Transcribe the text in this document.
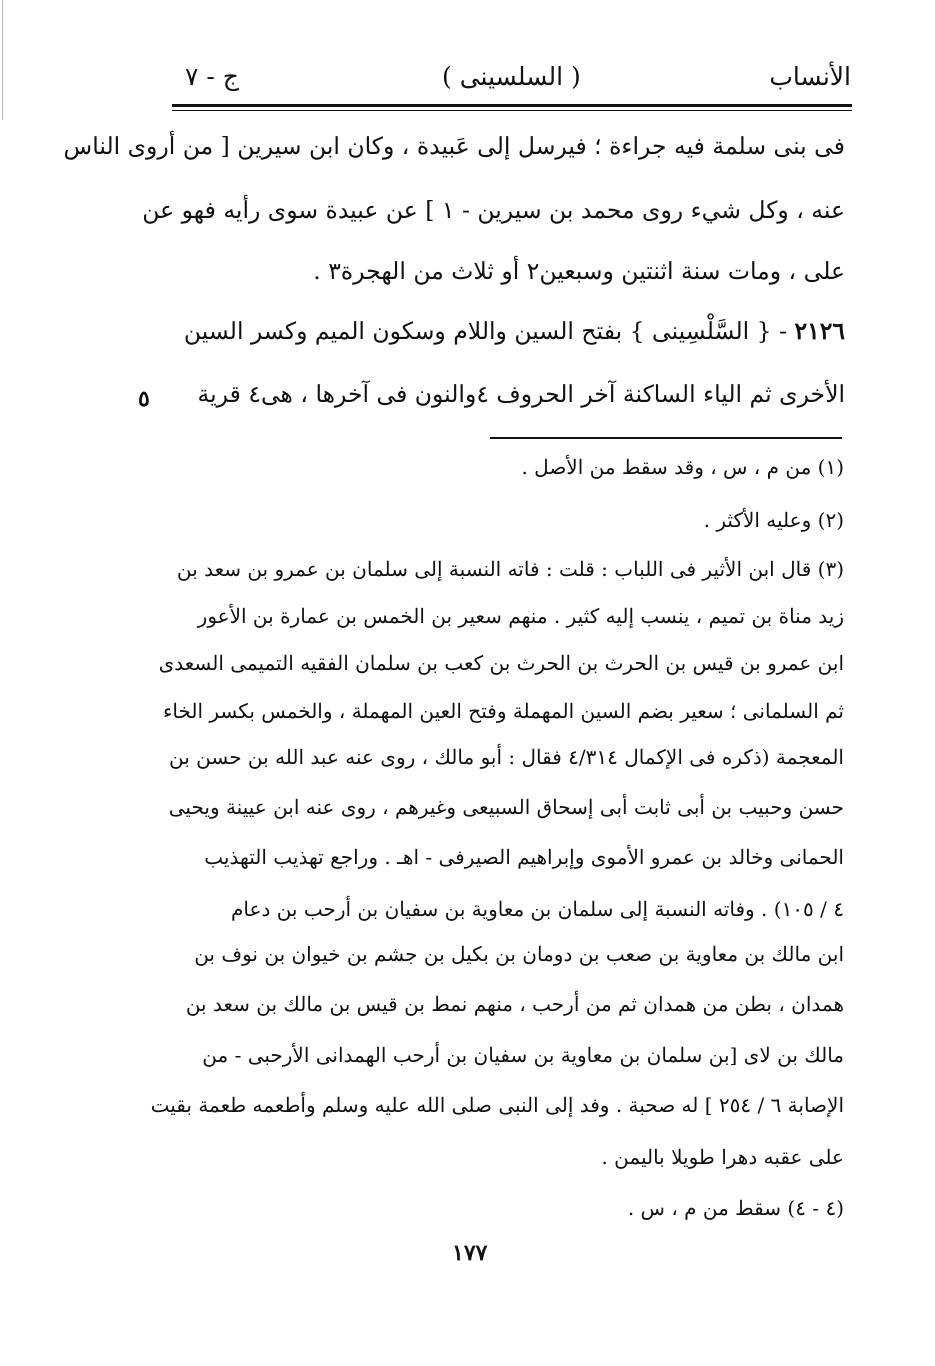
ج - ٧	( السلسينى )	الأنساب
فى بنى سلمة فيه جراءة ؛ فيرسل إلى عَبيدة ، وكان ابن سيرين [ من أروى الناس
عنه ، وكل شيء روى محمد بن سيرين - ١ ] عن عبيدة سوى رأيه فهو عن
على ، ومات سنة اثنتين وسبعين٢ أو ثلاث من الهجرة٣ .
٢١٢٦ - { السَّلْسِينى } بفتح السين واللام وسكون الميم وكسر السين
الأخرى ثم الياء الساكنة آخر الحروف ٤والنون فى آخرها ، هى٤ قرية
٥
(١) من م ، س ، وقد سقط من الأصل .
(٢) وعليه الأكثر .
(٣) قال ابن الأثير فى اللباب : قلت : فاته النسبة إلى سلمان بن عمرو بن سعد بن
زيد مناة بن تميم ، ينسب إليه كثير . منهم سعير بن الخمس بن عمارة بن الأعور
ابن عمرو بن قيس بن الحرث بن الحرث بن كعب بن سلمان الفقيه التميمى السعدى
ثم السلمانى ؛ سعير بضم السين المهملة وفتح العين المهملة ، والخمس بكسر الخاء
المعجمة (ذكره فى الإكمال ٤/٣١٤ فقال : أبو مالك ، روى عنه عبد الله بن حسن بن
حسن وحبيب بن أبى ثابت أبى إسحاق السبيعى وغيرهم ، روى عنه ابن عيينة ويحيى
الحمانى وخالد بن عمرو الأموى وإبراهيم الصيرفى - اهـ . وراجع تهذيب التهذيب
٤ / ١٠٥) . وفاته النسبة إلى سلمان بن معاوية بن سفيان بن أرحب بن دعام
ابن مالك بن معاوية بن صعب بن دومان بن بكيل بن جشم بن خيوان بن نوف بن
همدان ، بطن من همدان ثم من أرحب ، منهم نمط بن قيس بن مالك بن سعد بن
مالك بن لاى [بن سلمان بن معاوية بن سفيان بن أرحب الهمدانى الأرحبى - من
الإصابة ٦ / ٢٥٤ ] له صحبة . وفد إلى النبى صلى الله عليه وسلم وأطعمه طعمة بقيت
على عقبه دهرا طويلا باليمن .
(٤ - ٤) سقط من م ، س .
١٧٧
